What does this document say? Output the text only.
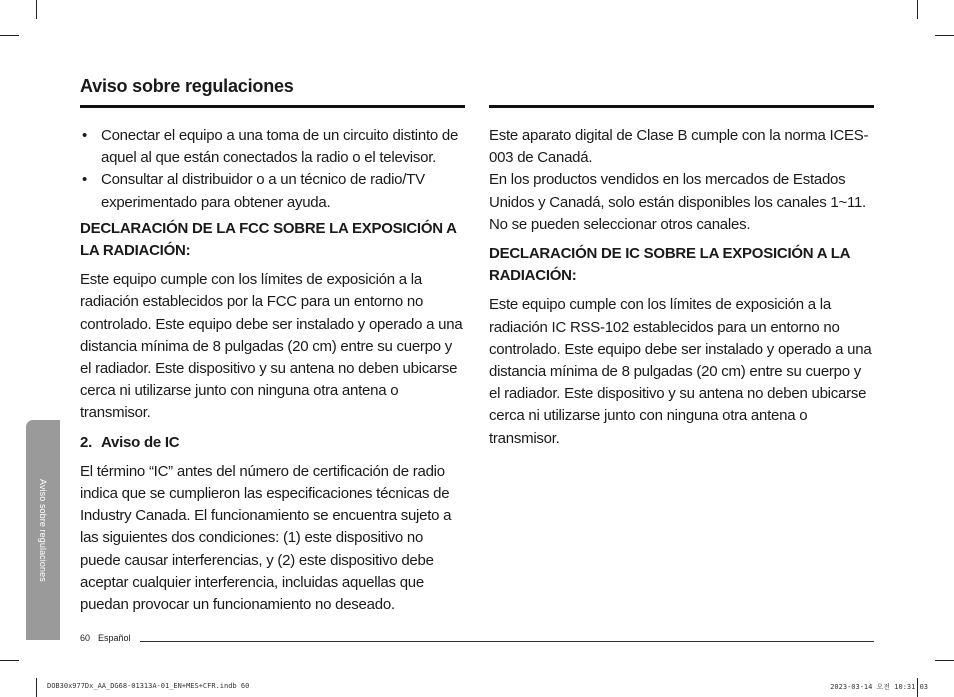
Aviso sobre regulaciones
• Conectar el equipo a una toma de un circuito distinto de aquel al que están conectados la radio o el televisor.
• Consultar al distribuidor o a un técnico de radio/TV experimentado para obtener ayuda.

DECLARACIÓN DE LA FCC SOBRE LA EXPOSICIÓN A LA RADIACIÓN:

Este equipo cumple con los límites de exposición a la radiación establecidos por la FCC para un entorno no controlado. Este equipo debe ser instalado y operado a una distancia mínima de 8 pulgadas (20 cm) entre su cuerpo y el radiador. Este dispositivo y su antena no deben ubicarse cerca ni utilizarse junto con ninguna otra antena o transmisor.

2. Aviso de IC

El término “IC” antes del número de certificación de radio indica que se cumplieron las especificaciones técnicas de Industry Canada. El funcionamiento se encuentra sujeto a las siguientes dos condiciones: (1) este dispositivo no puede causar interferencias, y (2) este dispositivo debe aceptar cualquier interferencia, incluidas aquellas que puedan provocar un funcionamiento no deseado.

Este aparato digital de Clase B cumple con la norma ICES-003 de Canadá.

En los productos vendidos en los mercados de Estados Unidos y Canadá, solo están disponibles los canales 1~11. No se pueden seleccionar otros canales.

DECLARACIÓN DE IC SOBRE LA EXPOSICIÓN A LA RADIACIÓN:

Este equipo cumple con los límites de exposición a la radiación IC RSS-102 establecidos para un entorno no controlado. Este equipo debe ser instalado y operado a una distancia mínima de 8 pulgadas (20 cm) entre su cuerpo y el radiador. Este dispositivo y su antena no deben ubicarse cerca ni utilizarse junto con ninguna otra antena o transmisor.

Aviso sobre regulaciones
60 Español
DOB30x977Dx_AA_DG68-01313A-01_EN+MES+CFR.indb 60	2023-03-14 오전 10:31:03
